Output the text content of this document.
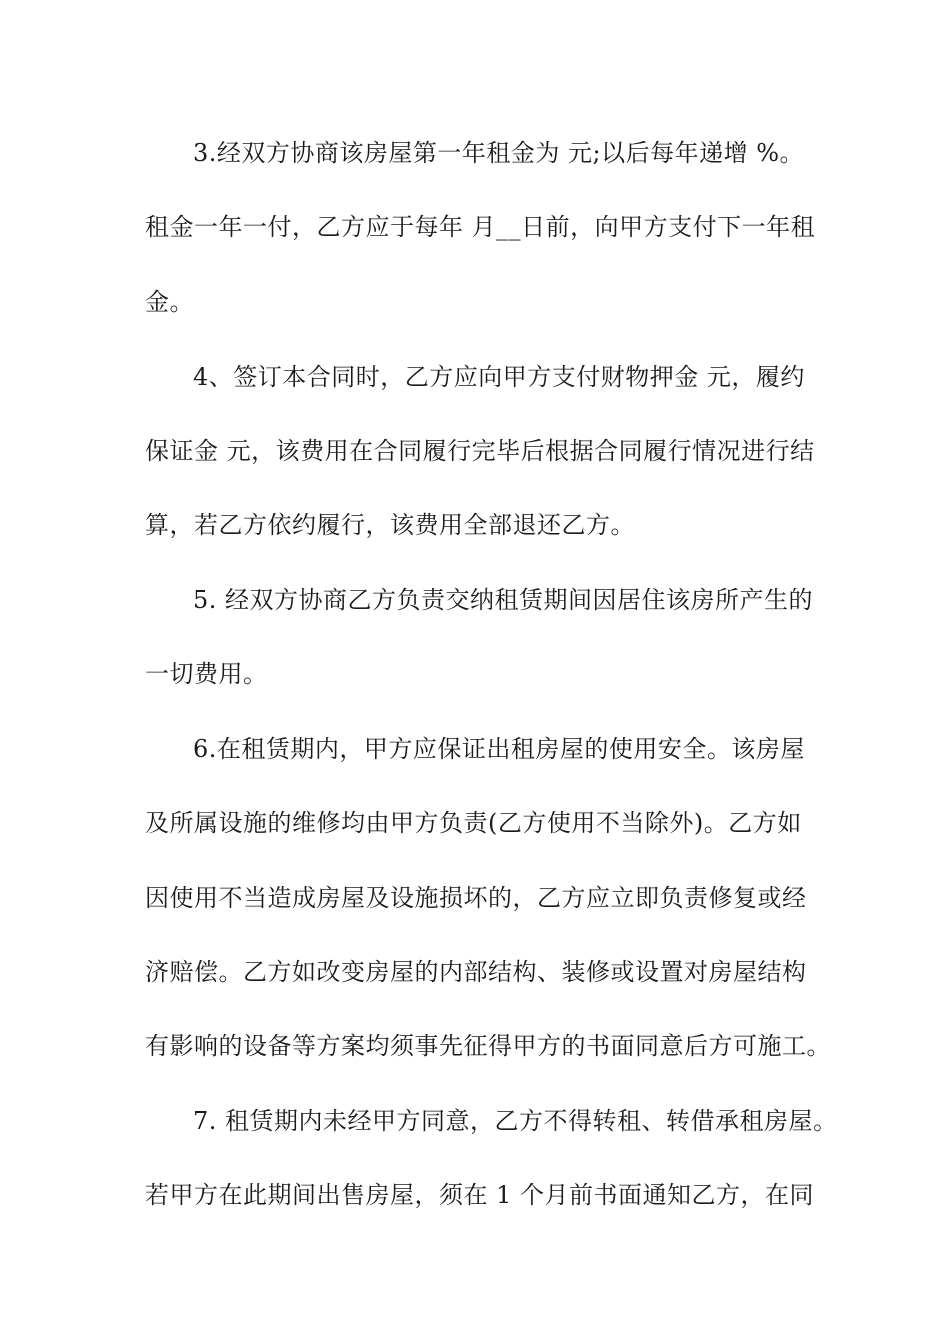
3.经双方协商该房屋第一年租金为 元;以后每年递增 %。
租金一年一付，乙方应于每年 月__日前，向甲方支付下一年租
金。
4、签订本合同时，乙方应向甲方支付财物押金 元，履约
保证金 元，该费用在合同履行完毕后根据合同履行情况进行结
算，若乙方依约履行，该费用全部退还乙方。
5. 经双方协商乙方负责交纳租赁期间因居住该房所产生的
一切费用。
6.在租赁期内，甲方应保证出租房屋的使用安全。该房屋
及所属设施的维修均由甲方负责(乙方使用不当除外)。乙方如
因使用不当造成房屋及设施损坏的，乙方应立即负责修复或经
济赔偿。乙方如改变房屋的内部结构、装修或设置对房屋结构
有影响的设备等方案均须事先征得甲方的书面同意后方可施工。
7. 租赁期内未经甲方同意，乙方不得转租、转借承租房屋。
若甲方在此期间出售房屋，须在 1 个月前书面通知乙方，在同
